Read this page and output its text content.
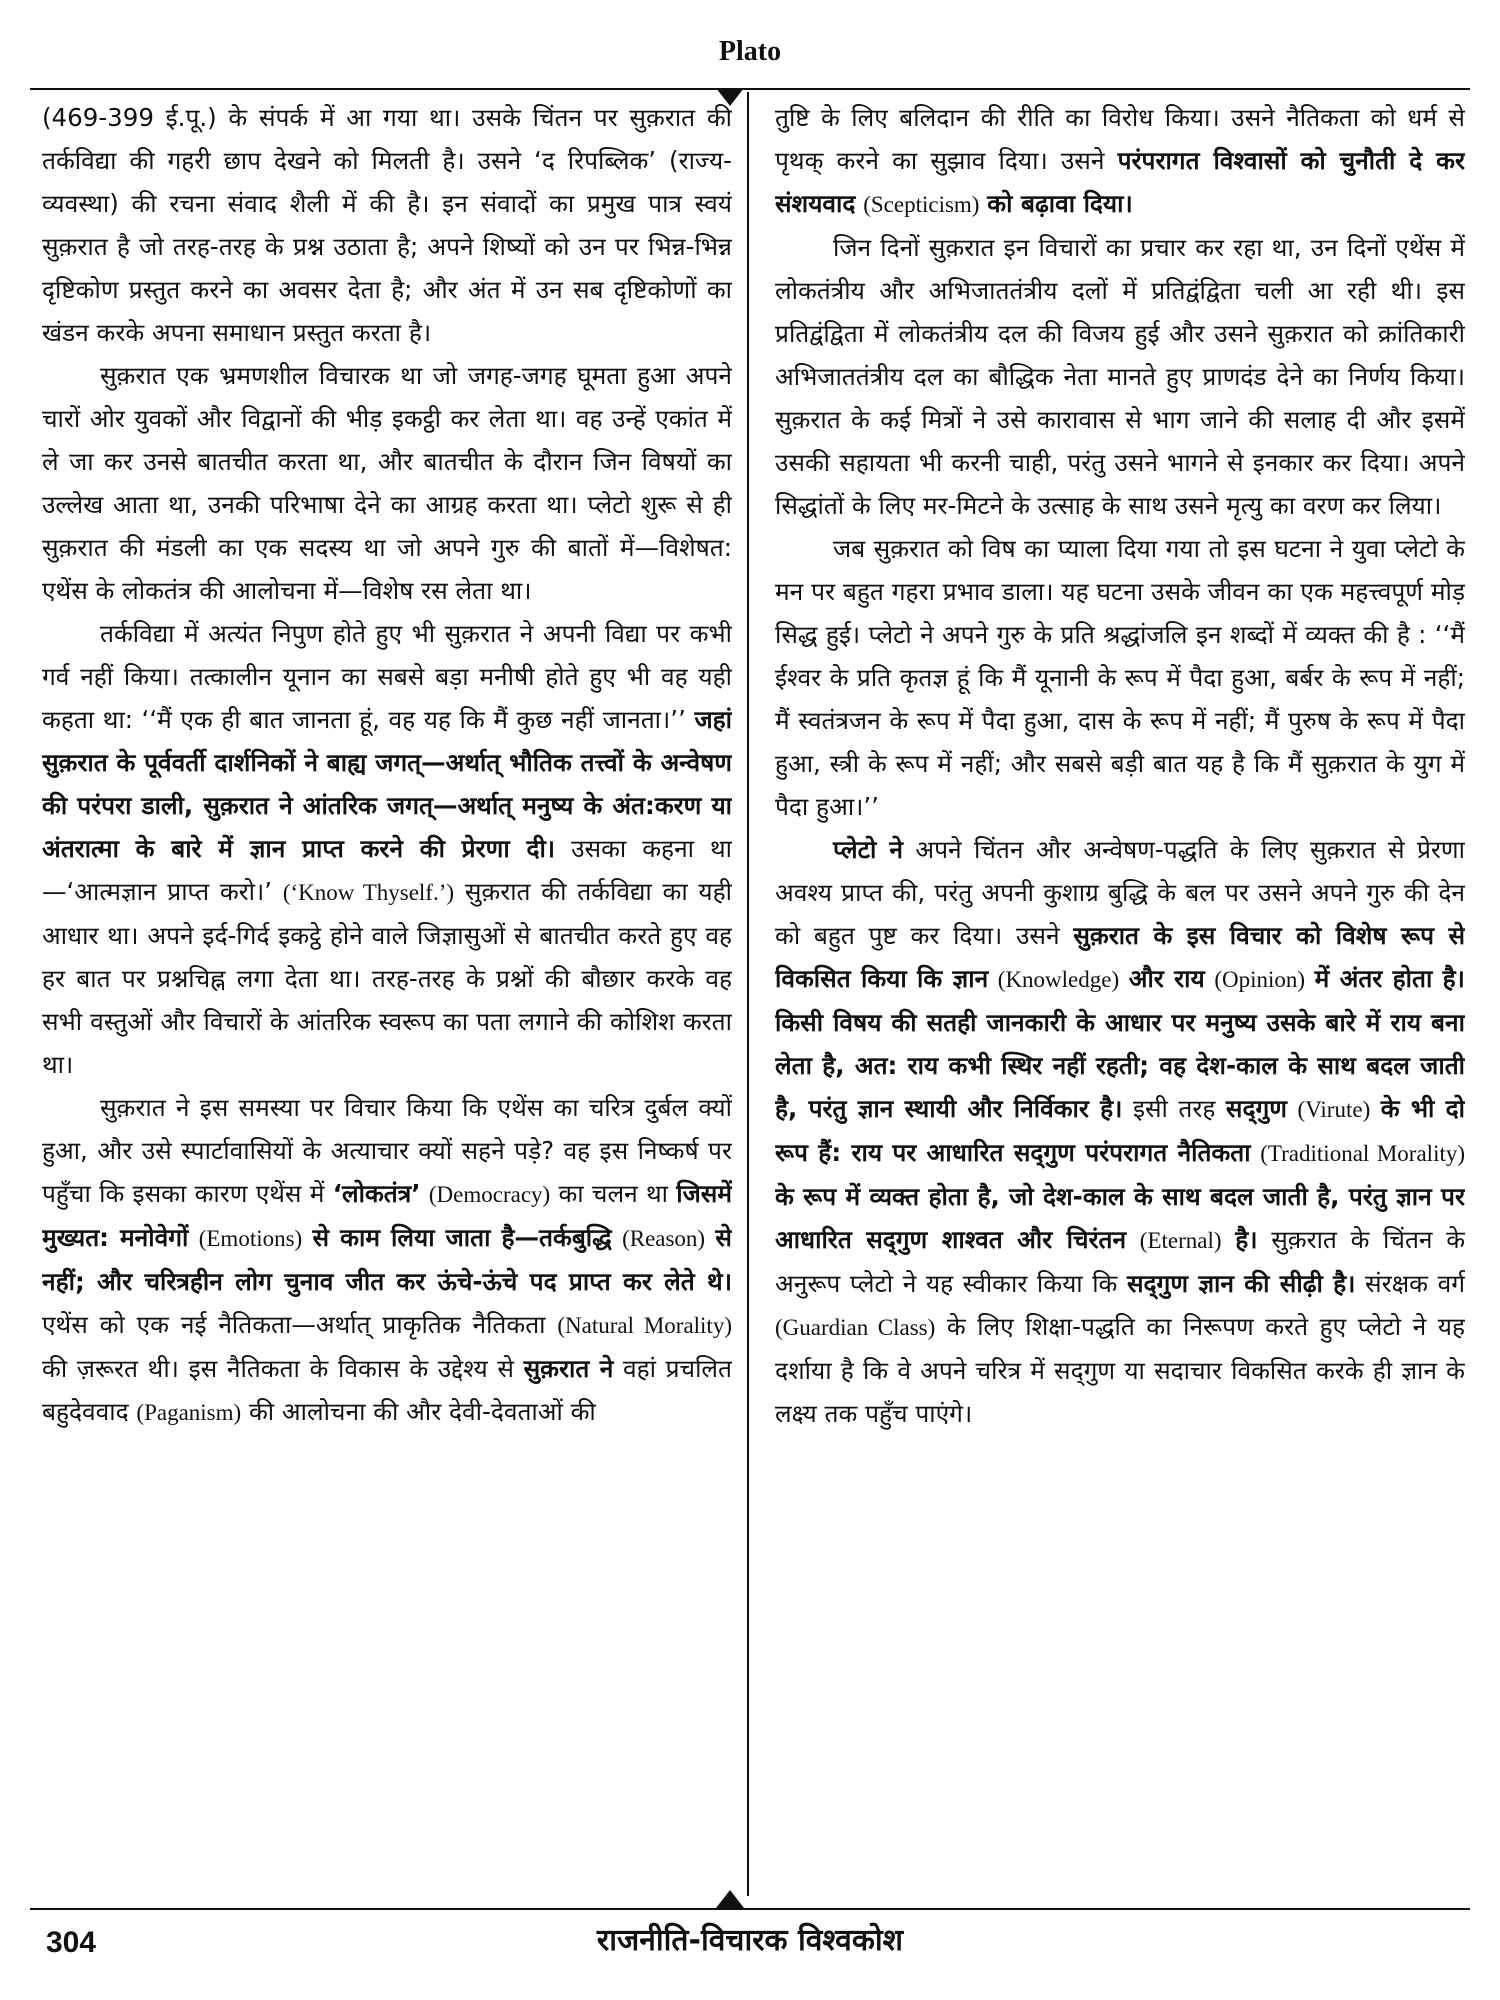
Plato

(469-399 ई.पू.) के संपर्क में आ गया था। उसके चिंतन पर सुक़रात की तर्कविद्या की गहरी छाप देखने को मिलती है। उसने ‘द रिपब्लिक’ (राज्य-व्यवस्था) की रचना संवाद शैली में की है। इन संवादों का प्रमुख पात्र स्वयं सुक़रात है जो तरह-तरह के प्रश्न उठाता है; अपने शिष्यों को उन पर भिन्न-भिन्न दृष्टिकोण प्रस्तुत करने का अवसर देता है; और अंत में उन सब दृष्टिकोणों का खंडन करके अपना समाधान प्रस्तुत करता है।

सुक़रात एक भ्रमणशील विचारक था जो जगह-जगह घूमता हुआ अपने चारों ओर युवकों और विद्वानों की भीड़ इकट्ठी कर लेता था। वह उन्हें एकांत में ले जा कर उनसे बातचीत करता था, और बातचीत के दौरान जिन विषयों का उल्लेख आता था, उनकी परिभाषा देने का आग्रह करता था। प्लेटो शुरू से ही सुक़रात की मंडली का एक सदस्य था जो अपने गुरु की बातों में—विशेषत: एथेंस के लोकतंत्र की आलोचना में—विशेष रस लेता था।

तर्कविद्या में अत्यंत निपुण होते हुए भी सुक़रात ने अपनी विद्या पर कभी गर्व नहीं किया। तत्कालीन यूनान का सबसे बड़ा मनीषी होते हुए भी वह यही कहता था: ‘‘मैं एक ही बात जानता हूं, वह यह कि मैं कुछ नहीं जानता।’’ जहां सुक़रात के पूर्ववर्ती दार्शनिकों ने बाह्य जगत्—अर्थात् भौतिक तत्त्वों के अन्वेषण की परंपरा डाली, सुक़रात ने आंतरिक जगत्—अर्थात् मनुष्य के अंत:करण या अंतरात्मा के बारे में ज्ञान प्राप्त करने की प्रेरणा दी। उसका कहना था—‘आत्मज्ञान प्राप्त करो।’ (‘Know Thyself.’) सुक़रात की तर्कविद्या का यही आधार था। अपने इर्द-गिर्द इकट्ठे होने वाले जिज्ञासुओं से बातचीत करते हुए वह हर बात पर प्रश्नचिह्न लगा देता था। तरह-तरह के प्रश्नों की बौछार करके वह सभी वस्तुओं और विचारों के आंतरिक स्वरूप का पता लगाने की कोशिश करता था।

सुक़रात ने इस समस्या पर विचार किया कि एथेंस का चरित्र दुर्बल क्यों हुआ, और उसे स्पार्टावासियों के अत्याचार क्यों सहने पड़े? वह इस निष्कर्ष पर पहुँचा कि इसका कारण एथेंस में ‘लोकतंत्र’ (Democracy) का चलन था जिसमें मुख्यत: मनोवेगों (Emotions) से काम लिया जाता है—तर्कबुद्धि (Reason) से नहीं; और चरित्रहीन लोग चुनाव जीत कर ऊंचे-ऊंचे पद प्राप्त कर लेते थे। एथेंस को एक नई नैतिकता—अर्थात् प्राकृतिक नैतिकता (Natural Morality) की ज़रूरत थी। इस नैतिकता के विकास के उद्देश्य से सुक़रात ने वहां प्रचलित बहुदेववाद (Paganism) की आलोचना की और देवी-देवताओं की

तुष्टि के लिए बलिदान की रीति का विरोध किया। उसने नैतिकता को धर्म से पृथक् करने का सुझाव दिया। उसने परंपरागत विश्वासों को चुनौती दे कर संशयवाद (Scepticism) को बढ़ावा दिया।

जिन दिनों सुक़रात इन विचारों का प्रचार कर रहा था, उन दिनों एथेंस में लोकतंत्रीय और अभिजाततंत्रीय दलों में प्रतिद्वंद्विता चली आ रही थी। इस प्रतिद्वंद्विता में लोकतंत्रीय दल की विजय हुई और उसने सुक़रात को क्रांतिकारी अभिजाततंत्रीय दल का बौद्धिक नेता मानते हुए प्राणदंड देने का निर्णय किया। सुक़रात के कई मित्रों ने उसे कारावास से भाग जाने की सलाह दी और इसमें उसकी सहायता भी करनी चाही, परंतु उसने भागने से इनकार कर दिया। अपने सिद्धांतों के लिए मर-मिटने के उत्साह के साथ उसने मृत्यु का वरण कर लिया।

जब सुक़रात को विष का प्याला दिया गया तो इस घटना ने युवा प्लेटो के मन पर बहुत गहरा प्रभाव डाला। यह घटना उसके जीवन का एक महत्त्वपूर्ण मोड़ सिद्ध हुई। प्लेटो ने अपने गुरु के प्रति श्रद्धांजलि इन शब्दों में व्यक्त की है : ‘‘मैं ईश्वर के प्रति कृतज्ञ हूं कि मैं यूनानी के रूप में पैदा हुआ, बर्बर के रूप में नहीं; मैं स्वतंत्रजन के रूप में पैदा हुआ, दास के रूप में नहीं; मैं पुरुष के रूप में पैदा हुआ, स्त्री के रूप में नहीं; और सबसे बड़ी बात यह है कि मैं सुक़रात के युग में पैदा हुआ।’’

प्लेटो ने अपने चिंतन और अन्वेषण-पद्धति के लिए सुक़रात से प्रेरणा अवश्य प्राप्त की, परंतु अपनी कुशाग्र बुद्धि के बल पर उसने अपने गुरु की देन को बहुत पुष्ट कर दिया। उसने सुक़रात के इस विचार को विशेष रूप से विकसित किया कि ज्ञान (Knowledge) और राय (Opinion) में अंतर होता है। किसी विषय की सतही जानकारी के आधार पर मनुष्य उसके बारे में राय बना लेता है, अत: राय कभी स्थिर नहीं रहती; वह देश-काल के साथ बदल जाती है, परंतु ज्ञान स्थायी और निर्विकार है। इसी तरह सद्‌गुण (Virute) के भी दो रूप हैं: राय पर आधारित सद्‌गुण परंपरागत नैतिकता (Traditional Morality) के रूप में व्यक्त होता है, जो देश-काल के साथ बदल जाती है, परंतु ज्ञान पर आधारित सद्‌गुण शाश्वत और चिरंतन (Eternal) है। सुक़रात के चिंतन के अनुरूप प्लेटो ने यह स्वीकार किया कि सद्‌गुण ज्ञान की सीढ़ी है। संरक्षक वर्ग (Guardian Class) के लिए शिक्षा-पद्धति का निरूपण करते हुए प्लेटो ने यह दर्शाया है कि वे अपने चरित्र में सद्‌गुण या सदाचार विकसित करके ही ज्ञान के लक्ष्य तक पहुँच पाएंगे।

304	राजनीति-विचारक विश्वकोश
